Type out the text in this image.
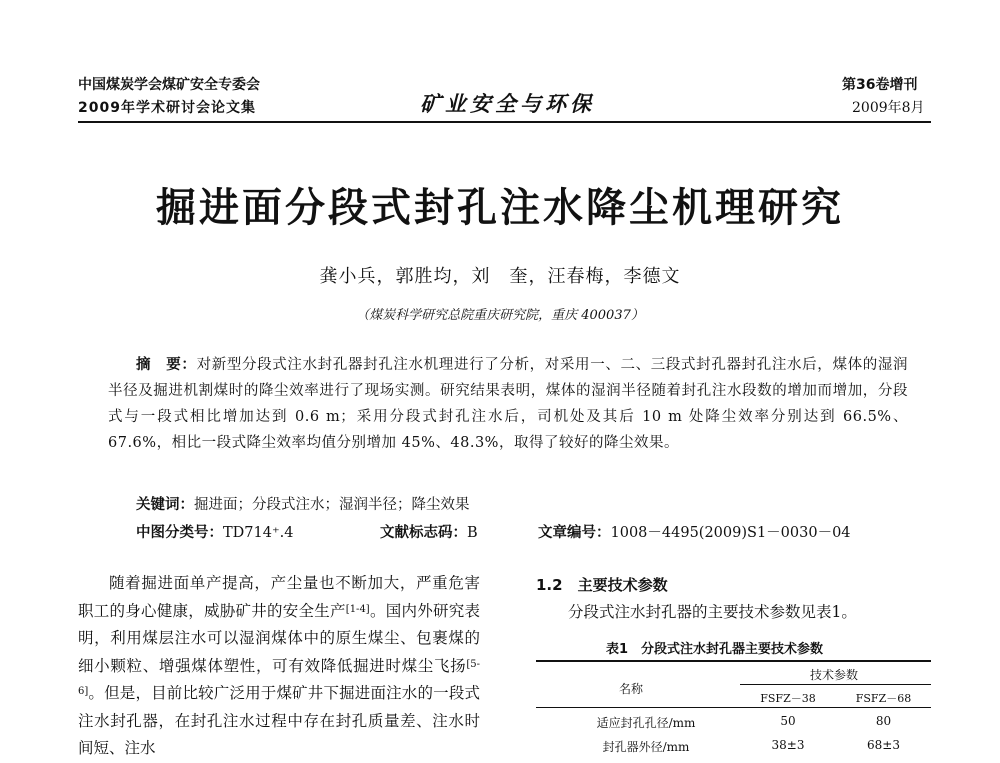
中国煤炭学会煤矿安全专委会
2009年学术研讨会论文集	矿业安全与环保
第36卷增刊
2009年8月
掘进面分段式封孔注水降尘机理研究
龚小兵，郭胜均，刘　奎，汪春梅，李德文
（煤炭科学研究总院重庆研究院，重庆 400037）
摘　要：对新型分段式注水封孔器封孔注水机理进行了分析，对采用一、二、三段式封孔器封孔注水后，煤体的湿润半径及掘进机割煤时的降尘效率进行了现场实测。研究结果表明，煤体的湿润半径随着封孔注水段数的增加而增加，分段式与一段式相比增加达到 0.6 m；采用分段式封孔注水后，司机处及其后 10 m 处降尘效率分别达到 66.5%、67.6%，相比一段式降尘效率均值分别增加 45%、48.3%，取得了较好的降尘效果。
关键词：掘进面；分段式注水；湿润半径；降尘效果
中图分类号：TD714⁺.4	文献标志码：B	文章编号：1008－4495(2009)S1－0030－04

随着掘进面单产提高，产尘量也不断加大，严重危害职工的身心健康，威胁矿井的安全生产[1-4]。国内外研究表明，利用煤层注水可以湿润煤体中的原生煤尘、包裹煤的细小颗粒、增强煤体塑性，可有效降低掘进时煤尘飞扬[5-6]。但是，目前比较广泛用于煤矿井下掘进面注水的一段式注水封孔器，在封孔注水过程中存在封孔质量差、注水时间短、注水

1.2　主要技术参数
分段式注水封孔器的主要技术参数见表1。
表1　分段式注水封孔器主要技术参数
名称
技术参数
FSFZ－38	FSFZ－68
适应封孔孔径/mm	50	80
封孔器外径/mm	38±3	68±3
